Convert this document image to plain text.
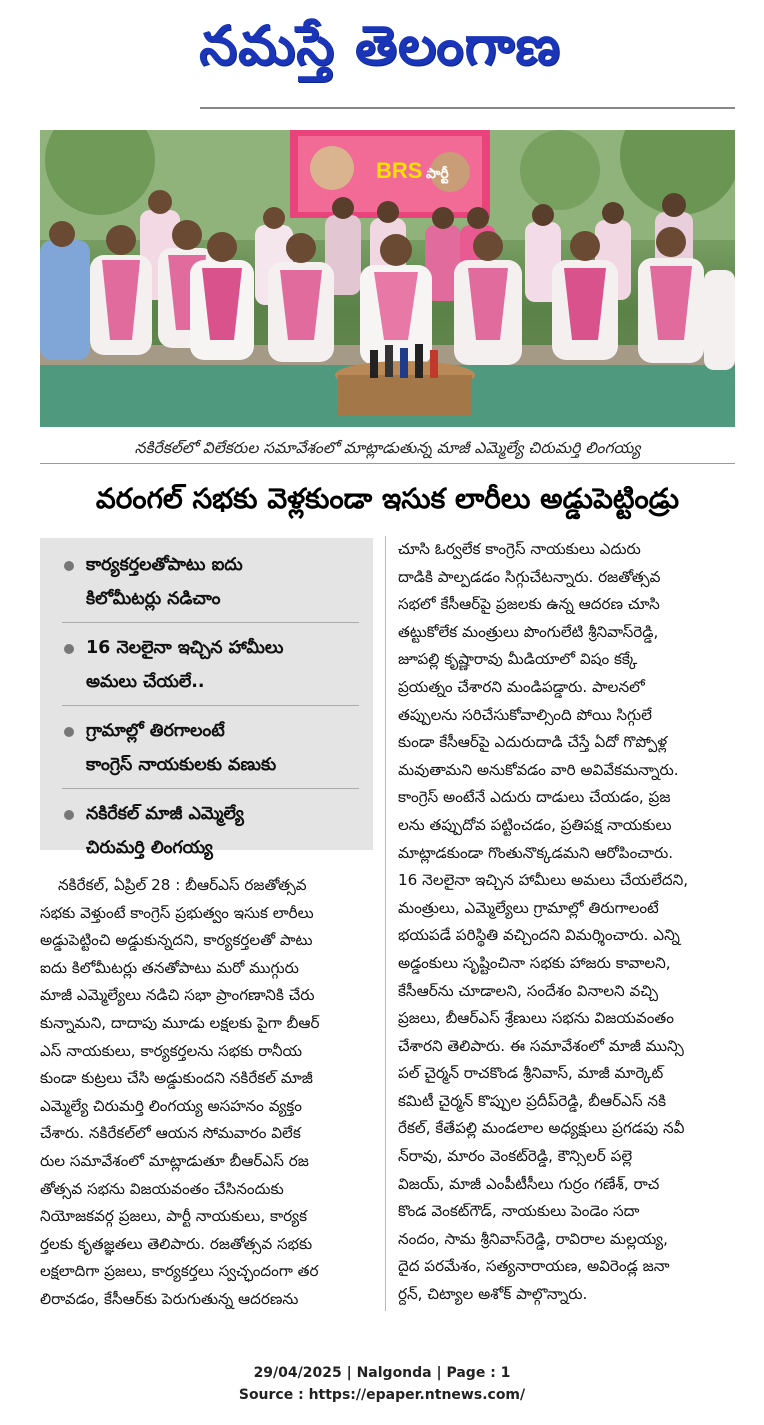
నమస్తే తెలంగాణ
BRS పార్టీ
నకిరేకల్‌లో విలేకరుల సమావేశంలో మాట్లాడుతున్న మాజీ ఎమ్మెల్యే చిరుమర్తి లింగయ్య
వరంగల్ సభకు వెళ్లకుండా ఇసుక లారీలు అడ్డుపెట్టిండ్రు
కార్యకర్తలతోపాటు ఐదు
కిలోమీటర్లు నడిచాం
16 నెలలైనా ఇచ్చిన హామీలు
అమలు చేయలే..
గ్రామాల్లో తిరగాలంటే
కాంగ్రెస్ నాయకులకు వణుకు
నకిరేకల్ మాజీ ఎమ్మెల్యే
చిరుమర్తి లింగయ్య

నకిరేకల్, ఏప్రిల్ 28 : బీఆర్‌ఎస్ రజతోత్సవ

సభకు వెళ్తుంటే కాంగ్రెస్ ప్రభుత్వం ఇసుక లారీలు

అడ్డుపెట్టించి అడ్డుకున్నదని, కార్యకర్తలతో పాటు

ఐదు కిలోమీటర్లు తనతోపాటు మరో ముగ్గురు

మాజీ ఎమ్మెల్యేలు నడిచి సభా ప్రాంగణానికి చేరు

కున్నామని, దాదాపు మూడు లక్షలకు పైగా బీఆర్

ఎస్ నాయకులు, కార్యకర్తలను సభకు రానీయ

కుండా కుట్రలు చేసి అడ్డుకుందని నకిరేకల్ మాజీ

ఎమ్మెల్యే చిరుమర్తి లింగయ్య అసహనం వ్యక్తం

చేశారు. నకిరేకల్‌లో ఆయన సోమవారం విలేక

రుల సమావేశంలో మాట్లాడుతూ బీఆర్‌ఎస్ రజ

తోత్సవ సభను విజయవంతం చేసినందుకు

నియోజకవర్గ ప్రజలు, పార్టీ నాయకులు, కార్యక

ర్తలకు కృతజ్ఞతలు తెలిపారు. రజతోత్సవ సభకు

లక్షలాదిగా ప్రజలు, కార్యకర్తలు స్వచ్ఛందంగా తర

లిరావడం, కేసీఆర్‌కు పెరుగుతున్న ఆదరణను

చూసి ఓర్వలేక కాంగ్రెస్ నాయకులు ఎదురు

దాడికి పాల్పడడం సిగ్గుచేటన్నారు. రజతోత్సవ

సభలో కేసీఆర్‌పై ప్రజలకు ఉన్న ఆదరణ చూసి

తట్టుకోలేక మంత్రులు పొంగులేటి శ్రీనివాస్‌రెడ్డి,

జూపల్లి కృష్ణారావు మీడియాలో విషం కక్కే

ప్రయత్నం చేశారని మండిపడ్డారు. పాలనలో

తప్పులను సరిచేసుకోవాల్సింది పోయి సిగ్గులే

కుండా కేసీఆర్‌పై ఎదురుదాడి చేస్తే ఏదో గొప్పోళ్ల

మవుతామని అనుకోవడం వారి అవివేకమన్నారు.

కాంగ్రెస్ అంటేనే ఎదురు దాడులు చేయడం, ప్రజ

లను తప్పుదోవ పట్టించడం, ప్రతిపక్ష నాయకులు

మాట్లాడకుండా గొంతునొక్కడమని ఆరోపించారు.

16 నెలలైనా ఇచ్చిన హామీలు అమలు చేయలేదని,

మంత్రులు, ఎమ్మెల్యేలు గ్రామాల్లో తిరుగాలంటే

భయపడే పరిస్థితి వచ్చిందని విమర్శించారు. ఎన్ని

అడ్డంకులు సృష్టించినా సభకు హాజరు కావాలని,

కేసీఆర్‌ను చూడాలని, సందేశం వినాలని వచ్చి

ప్రజలు, బీఆర్‌ఎస్ శ్రేణులు సభను విజయవంతం

చేశారని తెలిపారు. ఈ సమావేశంలో మాజీ మున్సి

పల్ చైర్మన్ రాచకొండ శ్రీనివాస్, మాజీ మార్కెట్

కమిటీ చైర్మన్ కొప్పుల ప్రదీప్‌రెడ్డి, బీఆర్‌ఎస్ నకి

రేకల్, కేతేపల్లి మండలాల అధ్యక్షులు ప్రగడపు నవీ

న్‌రావు, మారం వెంకట్‌రెడ్డి, కౌన్సిలర్ పల్లె

విజయ్, మాజీ ఎంపీటీసీలు గుర్రం గణేశ్, రాచ

కొండ వెంకట్‌గౌడ్, నాయకులు పెండెం సదా

నందం, సామ శ్రీనివాస్‌రెడ్డి, రావిరాల మల్లయ్య,

దైద పరమేశం, సత్యనారాయణ, అవిరెండ్ల జనా

ర్దన్, చిట్యాల అశోక్ పాల్గొన్నారు.

29/04/2025 | Nalgonda | Page : 1
Source : https://epaper.ntnews.com/
